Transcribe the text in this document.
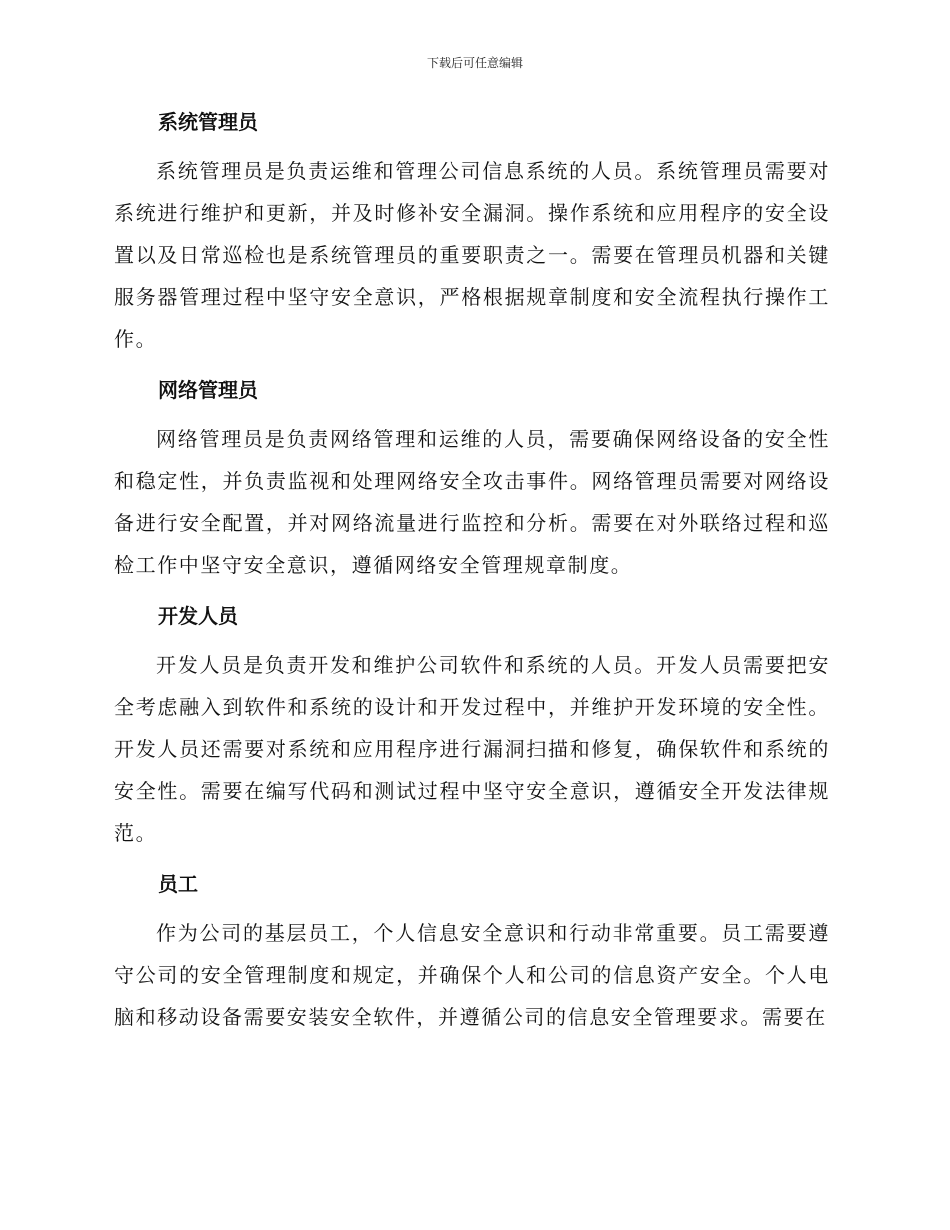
下载后可任意编辑
系统管理员

系统管理员是负责运维和管理公司信息系统的人员。系统管理员需要对系统进行维护和更新，并及时修补安全漏洞。操作系统和应用程序的安全设置以及日常巡检也是系统管理员的重要职责之一。需要在管理员机器和关键服务器管理过程中坚守安全意识，严格根据规章制度和安全流程执行操作工作。

网络管理员

网络管理员是负责网络管理和运维的人员，需要确保网络设备的安全性和稳定性，并负责监视和处理网络安全攻击事件。网络管理员需要对网络设备进行安全配置，并对网络流量进行监控和分析。需要在对外联络过程和巡检工作中坚守安全意识，遵循网络安全管理规章制度。

开发人员

开发人员是负责开发和维护公司软件和系统的人员。开发人员需要把安全考虑融入到软件和系统的设计和开发过程中，并维护开发环境的安全性。开发人员还需要对系统和应用程序进行漏洞扫描和修复，确保软件和系统的安全性。需要在编写代码和测试过程中坚守安全意识，遵循安全开发法律规范。

员工

作为公司的基层员工，个人信息安全意识和行动非常重要。员工需要遵守公司的安全管理制度和规定，并确保个人和公司的信息资产安全。个人电脑和移动设备需要安装安全软件，并遵循公司的信息安全管理要求。需要在
